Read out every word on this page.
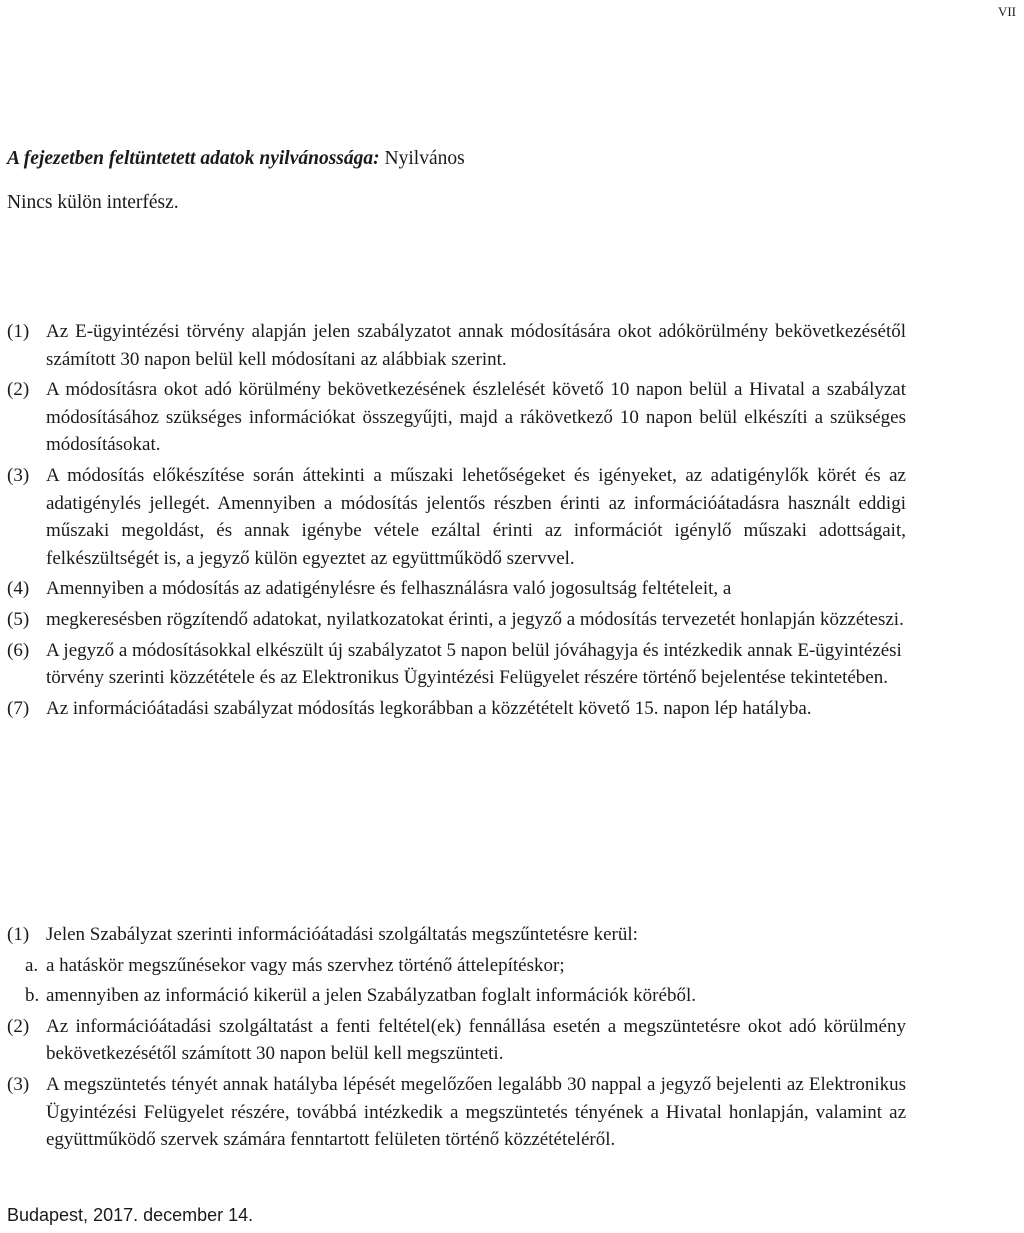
VII
A fejezetben feltüntetett adatok nyilvánossága: Nyilvános
Nincs külön interfész.
(1) Az E-ügyintézési törvény alapján jelen szabályzatot annak módosítására okot adókörülmény bekövetkezésétől számított 30 napon belül kell módosítani az alábbiak szerint.
(2) A módosításra okot adó körülmény bekövetkezésének észlelését követő 10 napon belül a Hivatal a szabályzat módosításához szükséges információkat összegyűjti, majd a rákövetkező 10 napon belül elkészíti a szükséges módosításokat.
(3) A módosítás előkészítése során áttekinti a műszaki lehetőségeket és igényeket, az adatigénylők körét és az adatigénylés jellegét. Amennyiben a módosítás jelentős részben érinti az információátadásra használt eddigi műszaki megoldást, és annak igénybe vétele ezáltal érinti az információt igénylő műszaki adottságait, felkészültségét is, a jegyző külön egyeztet az együttműködő szervvel.
(4) Amennyiben a módosítás az adatigénylésre és felhasználásra való jogosultság feltételeit, a
(5) megkeresésben rögzítendő adatokat, nyilatkozatokat érinti, a jegyző a módosítás tervezetét honlapján közzéteszi.
(6) A jegyző a módosításokkal elkészült új szabályzatot 5 napon belül jóváhagyja és intézkedik annak E-ügyintézési törvény szerinti közzététele és az Elektronikus Ügyintézési Felügyelet részére történő bejelentése tekintetében.
(7) Az információátadási szabályzat módosítás legkorábban a közzétételt követő 15. napon lép hatályba.
(1) Jelen Szabályzat szerinti információátadási szolgáltatás megszűntetésre kerül:
a. a hatáskör megszűnésekor vagy más szervhez történő áttelepítéskor;
b. amennyiben az információ kikerül a jelen Szabályzatban foglalt információk köréből.
(2) Az információátadási szolgáltatást a fenti feltétel(ek) fennállása esetén a megszüntetésre okot adó körülmény bekövetkezésétől számított 30 napon belül kell megszünteti.
(3) A megszüntetés tényét annak hatályba lépését megelőzően legalább 30 nappal a jegyző bejelenti az Elektronikus Ügyintézési Felügyelet részére, továbbá intézkedik a megszüntetés tényének a Hivatal honlapján, valamint az együttműködő szervek számára fenntartott felületen történő közzétételéről.
Budapest, 2017. december 14.
